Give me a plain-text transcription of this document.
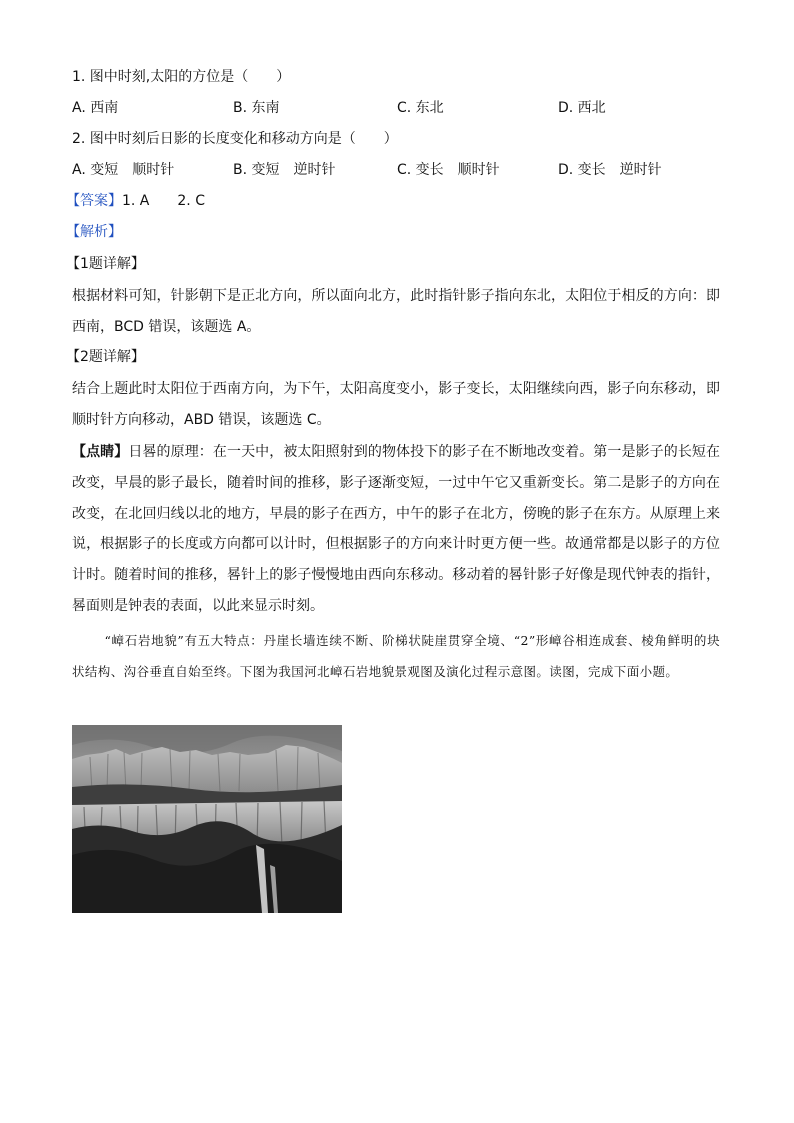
1. 图中时刻,太阳的方位是（　　）
A. 西南	B. 东南	C. 东北	D. 西北
2. 图中时刻后日影的长度变化和移动方向是（　　）
A. 变短　顺时针	B. 变短　逆时针	C. 变长　顺时针	D. 变长　逆时针
【答案】1. A　　2. C
【解析】
【1题详解】
根据材料可知，针影朝下是正北方向，所以面向北方，此时指针影子指向东北，太阳位于相反的方向：即西南，BCD 错误，该题选 A。
【2题详解】
结合上题此时太阳位于西南方向，为下午，太阳高度变小，影子变长，太阳继续向西，影子向东移动，即顺时针方向移动，ABD 错误，该题选 C。
【点睛】日晷的原理：在一天中，被太阳照射到的物体投下的影子在不断地改变着。第一是影子的长短在改变，早晨的影子最长，随着时间的推移，影子逐渐变短，一过中午它又重新变长。第二是影子的方向在改变，在北回归线以北的地方，早晨的影子在西方，中午的影子在北方，傍晚的影子在东方。从原理上来说，根据影子的长度或方向都可以计时，但根据影子的方向来计时更方便一些。故通常都是以影子的方位计时。随着时间的推移，晷针上的影子慢慢地由西向东移动。移动着的晷针影子好像是现代钟表的指针，晷面则是钟表的表面，以此来显示时刻。
“嶂石岩地貌”有五大特点：丹崖长墙连续不断、阶梯状陡崖贯穿全境、“2”形嶂谷相连成套、棱角鲜明的块状结构、沟谷垂直自始至终。下图为我国河北嶂石岩地貌景观图及演化过程示意图。读图，完成下面小题。
